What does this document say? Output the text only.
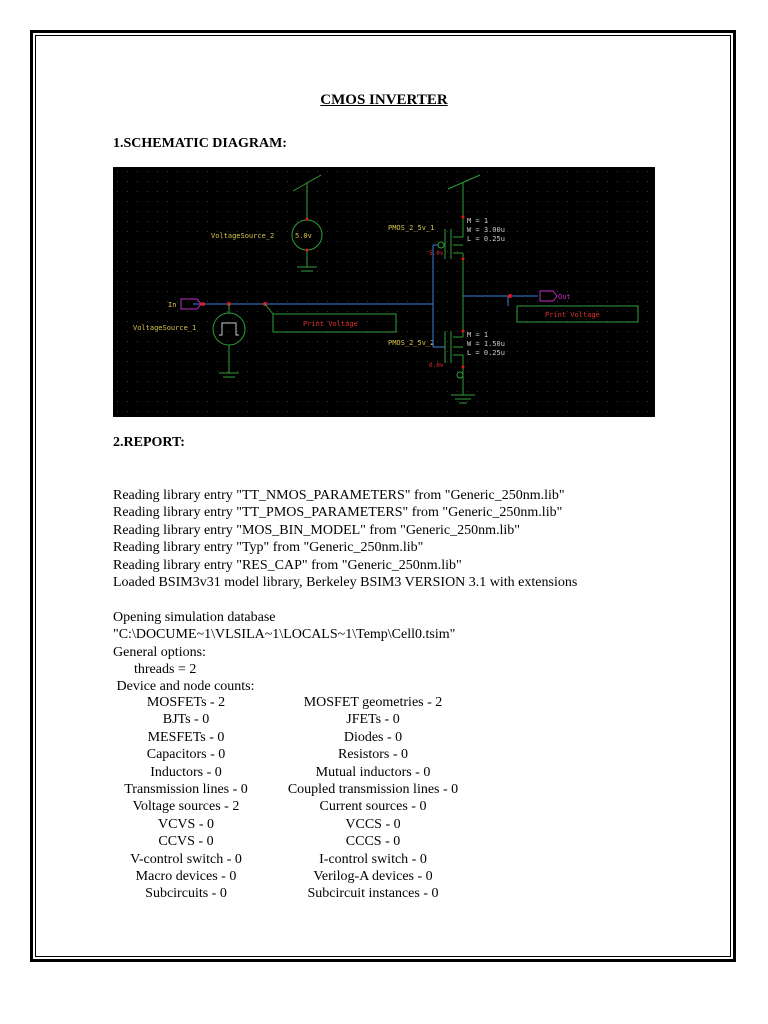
CMOS INVERTER
1.SCHEMATIC DIAGRAM:
5.0v
VoltageSource_2
PMOS_2_5v_1
M = 1
W = 3.00u
L = 0.25u
5.0v
PMOS_2_5v_2
M = 1
W = 1.50u
L = 0.25u
0.0v
In
Out
VoltageSource_1	Print Voltage
Print Voltage
2.REPORT:
Reading library entry "TT_NMOS_PARAMETERS" from "Generic_250nm.lib"
Reading library entry "TT_PMOS_PARAMETERS" from "Generic_250nm.lib"
Reading library entry "MOS_BIN_MODEL" from "Generic_250nm.lib"
Reading library entry "Typ" from "Generic_250nm.lib"
Reading library entry "RES_CAP" from "Generic_250nm.lib"
Loaded BSIM3v31 model library, Berkeley BSIM3 VERSION 3.1 with extensions
Opening simulation database
"C:\DOCUME~1\VLSILA~1\LOCALS~1\Temp\Cell0.tsim"
General options:
threads = 2
Device and node counts:
MOSFETs - 2
BJTs - 0
MESFETs - 0
Capacitors - 0
Inductors - 0
Transmission lines - 0
Voltage sources - 2
VCVS - 0
CCVS - 0
V-control switch - 0
Macro devices - 0
Subcircuits - 0
MOSFET geometries - 2
JFETs - 0
Diodes - 0
Resistors - 0
Mutual inductors - 0
Coupled transmission lines - 0
Current sources - 0
VCCS - 0
CCCS - 0
I-control switch - 0
Verilog-A devices - 0
Subcircuit instances - 0
